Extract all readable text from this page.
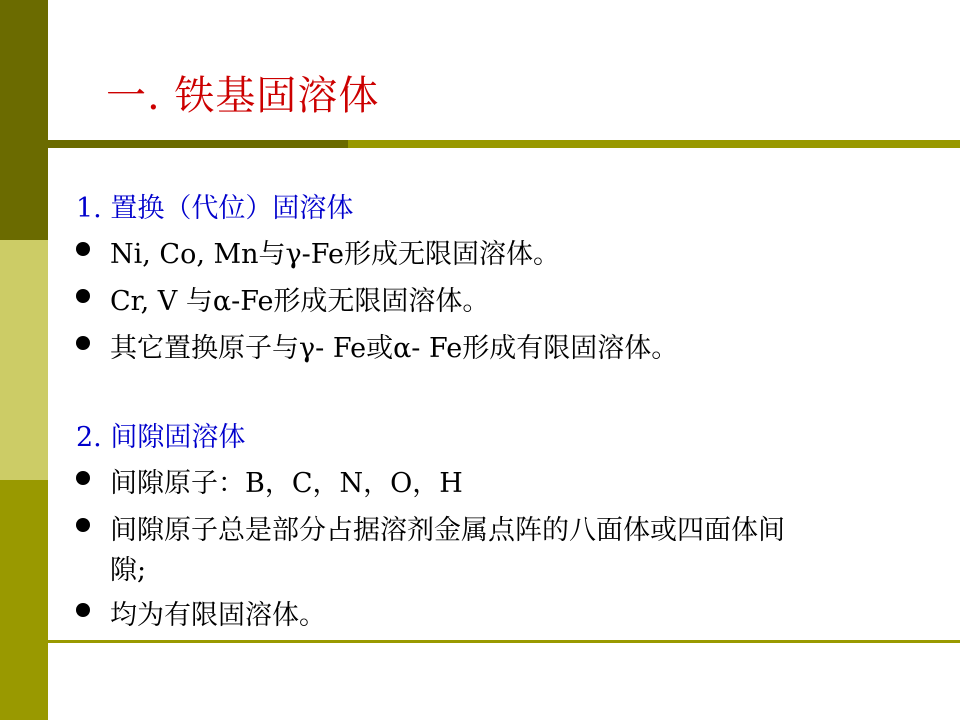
一. 铁基固溶体
1. 置换（代位）固溶体
Ni, Co, Mn与γ-Fe形成无限固溶体。
Cr, V 与α-Fe形成无限固溶体。
其它置换原子与γ- Fe或α- Fe形成有限固溶体。
2. 间隙固溶体
间隙原子：B，C，N，O，H
间隙原子总是部分占据溶剂金属点阵的八面体或四面体间
隙;
均为有限固溶体。
